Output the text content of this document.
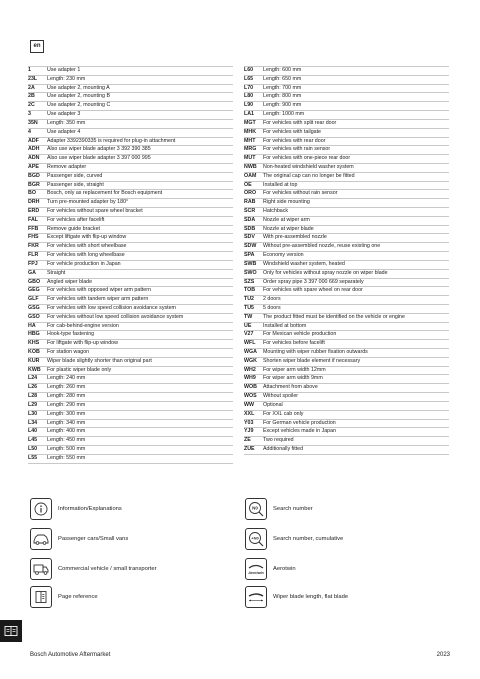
en
1	Use adapter 1
23L	Length: 230 mm
2A	Use adapter 2, mounting A
2B	Use adapter 2, mounting B
2C	Use adapter 2, mounting C
3	Use adapter 3
35N	Length: 350 mm
4	Use adapter 4
ADF	Adapter 3392390335 is required for plug-in attachment
ADH	Also use wiper blade adapter 3 392 390 385
ADN	Also use wiper blade adapter 3 397 000 995
APE	Remove adapter
BGD	Passenger side, curved
BGR	Passenger side, straight
BO	Bosch, only as replacement for Bosch equipment
DRH	Turn pre-mounted adapter by 180°
ERD	For vehicles without spare wheel bracket
FAL	For vehicles after facelift
FFB	Remove guide bracket
FHS	Except liftgate with flip-up window
FKR	For vehicles with short wheelbase
FLR	For vehicles with long wheelbase
FPJ	For vehicle production in Japan
GA	Straight
GBO	Angled wiper blade
GEG	For vehicles with opposed wiper arm pattern
GLF	For vehicles with tandem wiper arm pattern
GSG	For vehicles with low speed collision avoidance system
GSO	For vehicles without low speed collision avoidance system
HA	For cab-behind-engine version
HBG	Hook-type fastening
KHS	For liftgate with flip-up window
KOB	For station wagon
KUR	Wiper blade slightly shorter than original part
KWB	For plastic wiper blade only
L24	Length: 240 mm
L26	Length: 260 mm
L28	Length: 280 mm
L29	Length: 290 mm
L30	Length: 300 mm
L34	Length: 340 mm
L40	Length: 400 mm
L45	Length: 450 mm
L50	Length: 500 mm
L55	Length: 550 mm
L60	Length: 600 mm
L65	Length: 650 mm
L70	Length: 700 mm
L80	Length: 800 mm
L90	Length: 900 mm
LA1	Length: 1000 mm
MGT	For vehicles with split rear door
MHK	For vehicles with tailgate
MHT	For vehicles with rear door
MRG	For vehicles with rain sensor
MUT	For vehicles with one-piece rear door
NWB	Non-heated windshield washer system
OAM	The original cap can no longer be fitted
OE	Installed at top
ORO	For vehicles without rain sensor
RAB	Right side mounting
SCR	Hatchback
SDA	Nozzle at wiper arm
SDB	Nozzle at wiper blade
SDV	With pre-assembled nozzle
SDW	Without pre-assembled nozzle, reuse existing one
SPA	Economy version
SWB	Windshield washer system, heated
SWO	Only for vehicles without spray nozzle on wiper blade
SZS	Order spray pipe 3 397 000 669 separately
TOB	For vehicles with spare wheel on rear door
TU2	2 doors
TU5	5 doors
TW	The product fitted must be identified on the vehicle or engine
UE	Installed at bottom
V27	For Mexican vehicle production
WFL	For vehicles before facelift
WGA	Mounting with wiper rubber fixation outwards
WGK	Shorten wiper blade element if necessary
WH2	For wiper arm width 12mm
WH9	For wiper arm width 9mm
WOB	Attachment from above
WOS	Without spoiler
WW	Optional
XXL	For XXL cab only
Y03	For German vehicle production
YJ9	Except vehicles made in Japan
ZE	Two required
ZUE	Additionally fitted
Information/Explanations	N0	Search number
Passenger cars/Small vans	+N0 Search number, cumulative
Commercial vehicle / small transporter
Aerotwin
Aerotwin
Page reference	Wiper blade length, flat blade
Bosch Automotive Aftermarket	2023
